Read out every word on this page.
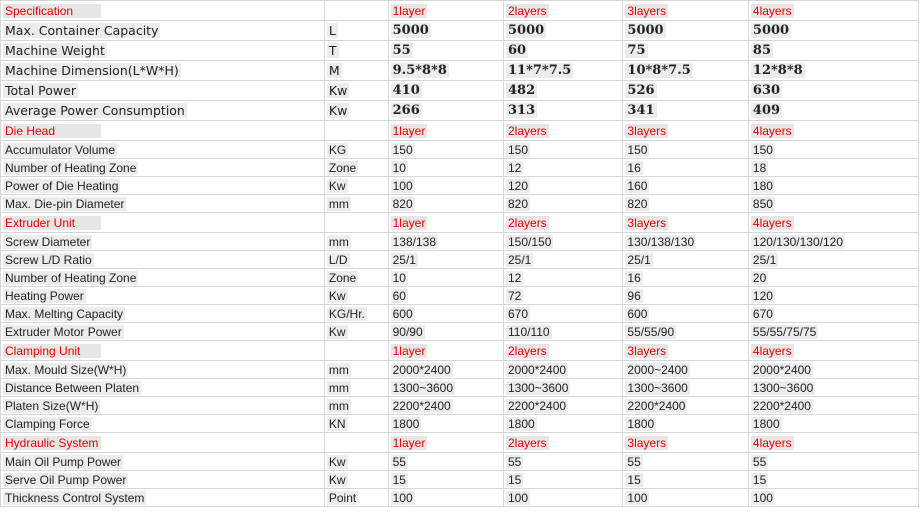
Specification		1layer	2layers	3layers	4layers
Max. Container Capacity	L	5000	5000	5000	5000
Machine Weight	T	55	60	75	85
Machine Dimension(L*W*H)	M	9.5*8*8	11*7*7.5	10*8*7.5	12*8*8
Total Power	Kw	410	482	526	630
Average Power Consumption	Kw	266	313	341	409
Die Head		1layer	2layers	3layers	4layers
Accumulator Volume	KG	150	150	150	150
Number of Heating Zone	Zone	10	12	16	18
Power of Die Heating	Kw	100	120	160	180
Max. Die-pin Diameter	mm	820	820	820	850
Extruder Unit		1layer	2layers	3layers	4layers
Screw Diameter	mm	138/138	150/150	130/138/130	120/130/130/120
Screw L/D Ratio	L/D	25/1	25/1	25/1	25/1
Number of Heating Zone	Zone	10	12	16	20
Heating Power	Kw	60	72	96	120
Max. Melting Capacity	KG/Hr.	600	670	600	670
Extruder Motor Power	Kw	90/90	110/110	55/55/90	55/55/75/75
Clamping Unit		1layer	2layers	3layers	4layers
Max. Mould Size(W*H)	mm	2000*2400	2000*2400	2000~2400	2000*2400
Distance Between Platen	mm	1300~3600	1300~3600	1300~3600	1300~3600
Platen Size(W*H)	mm	2200*2400	2200*2400	2200*2400	2200*2400
Clamping Force	KN	1800	1800	1800	1800
Hydraulic System		1layer	2layers	3layers	4layers
Main Oil Pump Power	Kw	55	55	55	55
Serve Oil Pump Power	Kw	15	15	15	15
Thickness Control System	Point	100	100	100	100
